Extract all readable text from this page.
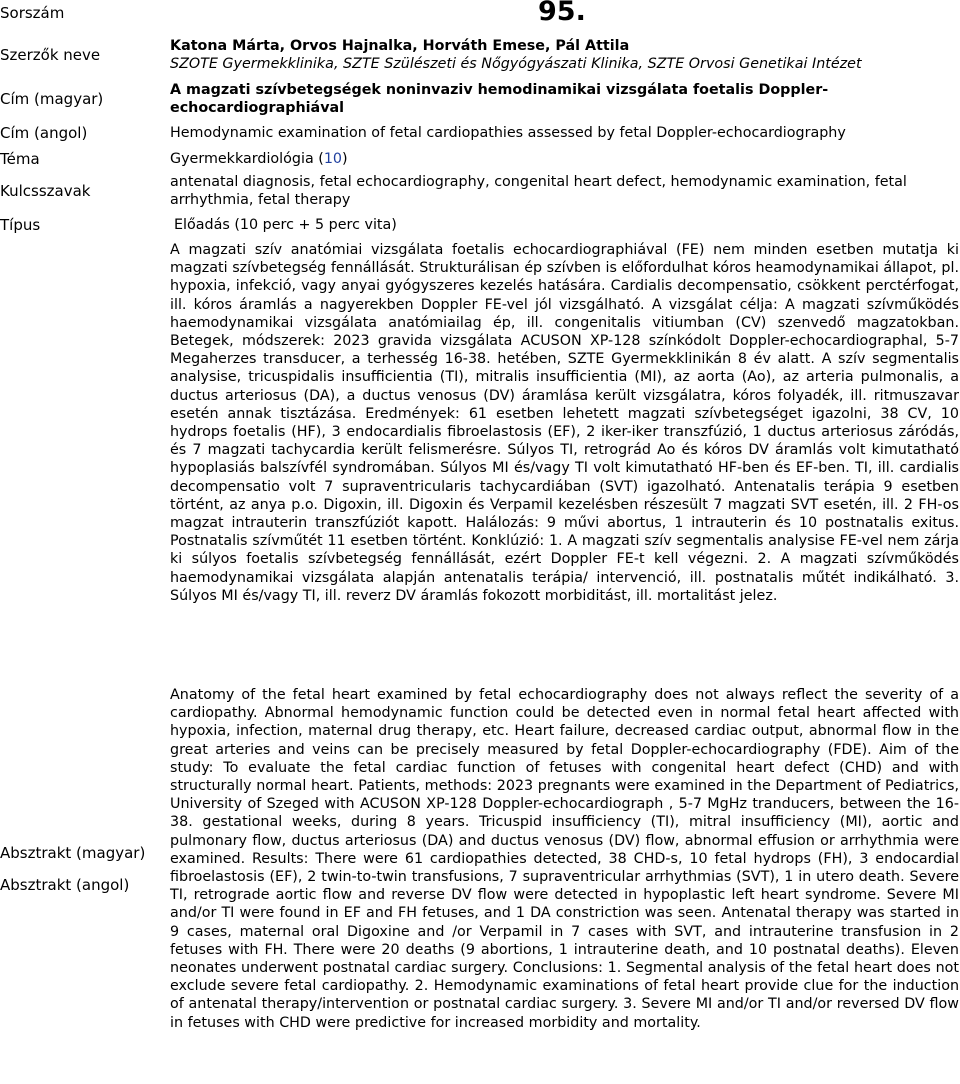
Sorszám
Szerzők neve
Cím (magyar)
Cím (angol)
Téma
Kulcsszavak
Típus
Absztrakt (magyar)
Absztrakt (angol)
95.
Katona Márta, Orvos Hajnalka, Horváth Emese, Pál Attila
SZOTE Gyermekklinika, SZTE Szülészeti és Nőgyógyászati Klinika, SZTE Orvosi Genetikai Intézet
A magzati szívbetegségek noninvaziv hemodinamikai vizsgálata foetalis Doppler-echocardiographiával
Hemodynamic examination of fetal cardiopathies assessed by fetal Doppler-echocardiography
Gyermekkardiológia (10)
antenatal diagnosis, fetal echocardiography, congenital heart defect, hemodynamic examination, fetal arrhythmia, fetal therapy
Előadás (10 perc + 5 perc vita)
A magzati szív anatómiai vizsgálata foetalis echocardiographiával (FE) nem minden esetben mutatja ki magzati szívbetegség fennállását. Strukturálisan ép szívben is előfordulhat kóros heamodynamikai állapot, pl. hypoxia, infekció, vagy anyai gyógyszeres kezelés hatására. Cardialis decompensatio, csökkent perctérfogat, ill. kóros áramlás a nagyerekben Doppler FE-vel jól vizsgálható. A vizsgálat célja: A magzati szívműködés haemodynamikai vizsgálata anatómiailag ép, ill. congenitalis vitiumban (CV) szenvedő magzatokban. Betegek, módszerek: 2023 gravida vizsgálata ACUSON XP-128 színkódolt Doppler-echocardiographal, 5-7 Megaherzes transducer, a terhesség 16-38. hetében, SZTE Gyermekklinikán 8 év alatt. A szív segmentalis analysise, tricuspidalis insufficientia (TI), mitralis insufficientia (MI), az aorta (Ao), az arteria pulmonalis, a ductus arteriosus (DA), a ductus venosus (DV) áramlása került vizsgálatra, kóros folyadék, ill. ritmuszavar esetén annak tisztázása. Eredmények: 61 esetben lehetett magzati szívbetegséget igazolni, 38 CV, 10 hydrops foetalis (HF), 3 endocardialis fibroelastosis (EF), 2 iker-iker transzfúzió, 1 ductus arteriosus záródás, és 7 magzati tachycardia került felismerésre. Súlyos TI, retrográd Ao és kóros DV áramlás volt kimutatható hypoplasiás balszívfél syndromában. Súlyos MI és/vagy TI volt kimutatható HF-ben és EF-ben. TI, ill. cardialis decompensatio volt 7 supraventricularis tachycardiában (SVT) igazolható. Antenatalis terápia 9 esetben történt, az anya p.o. Digoxin, ill. Digoxin és Verpamil kezelésben részesült 7 magzati SVT esetén, ill. 2 FH-os magzat intrauterin transzfúziót kapott. Halálozás: 9 művi abortus, 1 intrauterin és 10 postnatalis exitus. Postnatalis szívműtét 11 esetben történt. Konklúzió: 1. A magzati szív segmentalis analysise FE-vel nem zárja ki súlyos foetalis szívbetegség fennállását, ezért Doppler FE-t kell végezni. 2. A magzati szívműködés haemodynamikai vizsgálata alapján antenatalis terápia/ intervenció, ill. postnatalis műtét indikálható. 3. Súlyos MI és/vagy TI, ill. reverz DV áramlás fokozott morbiditást, ill. mortalitást jelez.
Anatomy of the fetal heart examined by fetal echocardiography does not always reflect the severity of a cardiopathy. Abnormal hemodynamic function could be detected even in normal fetal heart affected with hypoxia, infection, maternal drug therapy, etc. Heart failure, decreased cardiac output, abnormal flow in the great arteries and veins can be precisely measured by fetal Doppler-echocardiography (FDE). Aim of the study: To evaluate the fetal cardiac function of fetuses with congenital heart defect (CHD) and with structurally normal heart. Patients, methods: 2023 pregnants were examined in the Department of Pediatrics, University of Szeged with ACUSON XP-128 Doppler-echocardiograph , 5-7 MgHz tranducers, between the 16-38. gestational weeks, during 8 years. Tricuspid insufficiency (TI), mitral insufficiency (MI), aortic and pulmonary flow, ductus arteriosus (DA) and ductus venosus (DV) flow, abnormal effusion or arrhythmia were examined. Results: There were 61 cardiopathies detected, 38 CHD-s, 10 fetal hydrops (FH), 3 endocardial fibroelastosis (EF), 2 twin-to-twin transfusions, 7 supraventricular arrhythmias (SVT), 1 in utero death. Severe TI, retrograde aortic flow and reverse DV flow were detected in hypoplastic left heart syndrome. Severe MI and/or TI were found in EF and FH fetuses, and 1 DA constriction was seen. Antenatal therapy was started in 9 cases, maternal oral Digoxine and /or Verpamil in 7 cases with SVT, and intrauterine transfusion in 2 fetuses with FH. There were 20 deaths (9 abortions, 1 intrauterine death, and 10 postnatal deaths). Eleven neonates underwent postnatal cardiac surgery. Conclusions: 1. Segmental analysis of the fetal heart does not exclude severe fetal cardiopathy. 2. Hemodynamic examinations of fetal heart provide clue for the induction of antenatal therapy/intervention or postnatal cardiac surgery. 3. Severe MI and/or TI and/or reversed DV flow in fetuses with CHD were predictive for increased morbidity and mortality.
